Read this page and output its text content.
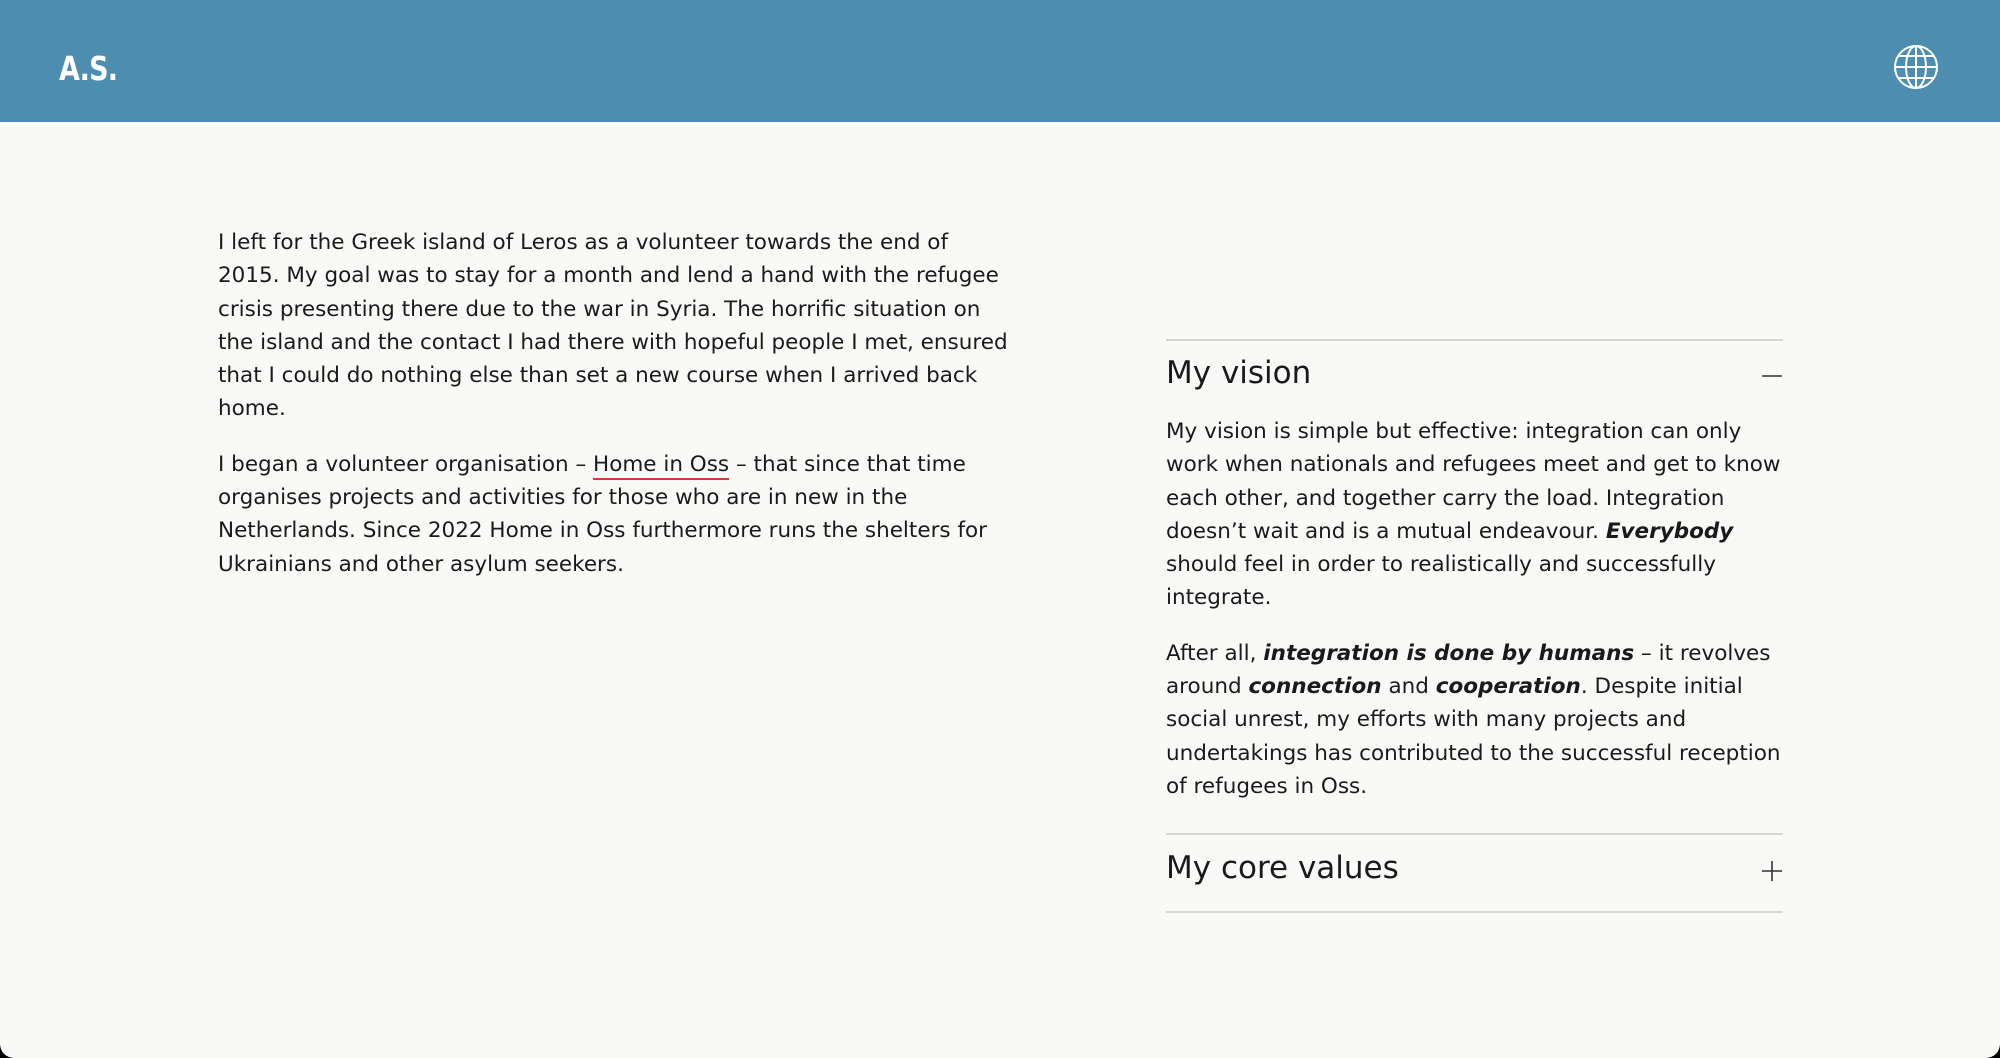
A.S.

I left for the Greek island of Leros as a volunteer towards the end of 2015. My goal was to stay for a month and lend a hand with the refugee crisis presenting there due to the war in Syria. The horrific situation on the island and the contact I had there with hopeful people I met, ensured that I could do nothing else than set a new course when I arrived back home.

I began a volunteer organisation – Home in Oss – that since that time organises projects and activities for those who are in new in the Netherlands. Since 2022 Home in Oss furthermore runs the shelters for Ukrainians and other asylum seekers.

My vision

My vision is simple but effective: integration can only work when nationals and refugees meet and get to know each other, and together carry the load. Integration doesn’t wait and is a mutual endeavour. Everybody should feel in order to realistically and successfully integrate.

After all, integration is done by humans – it revolves around connection and cooperation. Despite initial social unrest, my efforts with many projects and undertakings has contributed to the successful reception of refugees in Oss.

My core values
